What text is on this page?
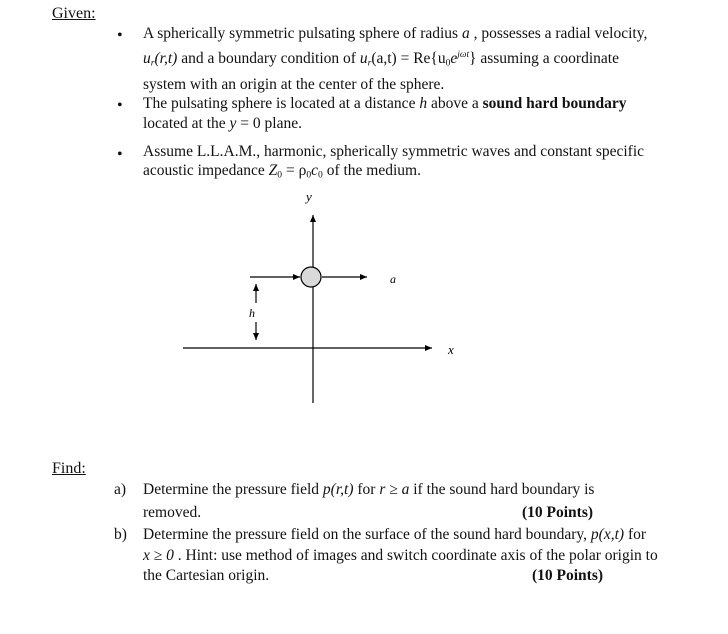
Given:
• A spherically symmetric pulsating sphere of radius a , possesses a radial velocity,
$u_r(r,t)$ and a boundary condition of $u_r(a,t) = Re\{u_0e^{j\omega t}\}$ assuming a coordinate
system with an origin at the center of the sphere.
• The pulsating sphere is located at a distance h above a sound hard boundary
located at the y = 0 plane.
• Assume L.L.A.M., harmonic, spherically symmetric waves and constant specific
acoustic impedance $Z_0 = \rho_0c_0$ of the medium.
y
x
a
h
Find:
a) Determine the pressure field p(r,t) for r ≥ a if the sound hard boundary is
removed.	(10 Points)
b) Determine the pressure field on the surface of the sound hard boundary, p(x,t) for
x ≥ 0 . Hint: use method of images and switch coordinate axis of the polar origin to
the Cartesian origin.	(10 Points)
